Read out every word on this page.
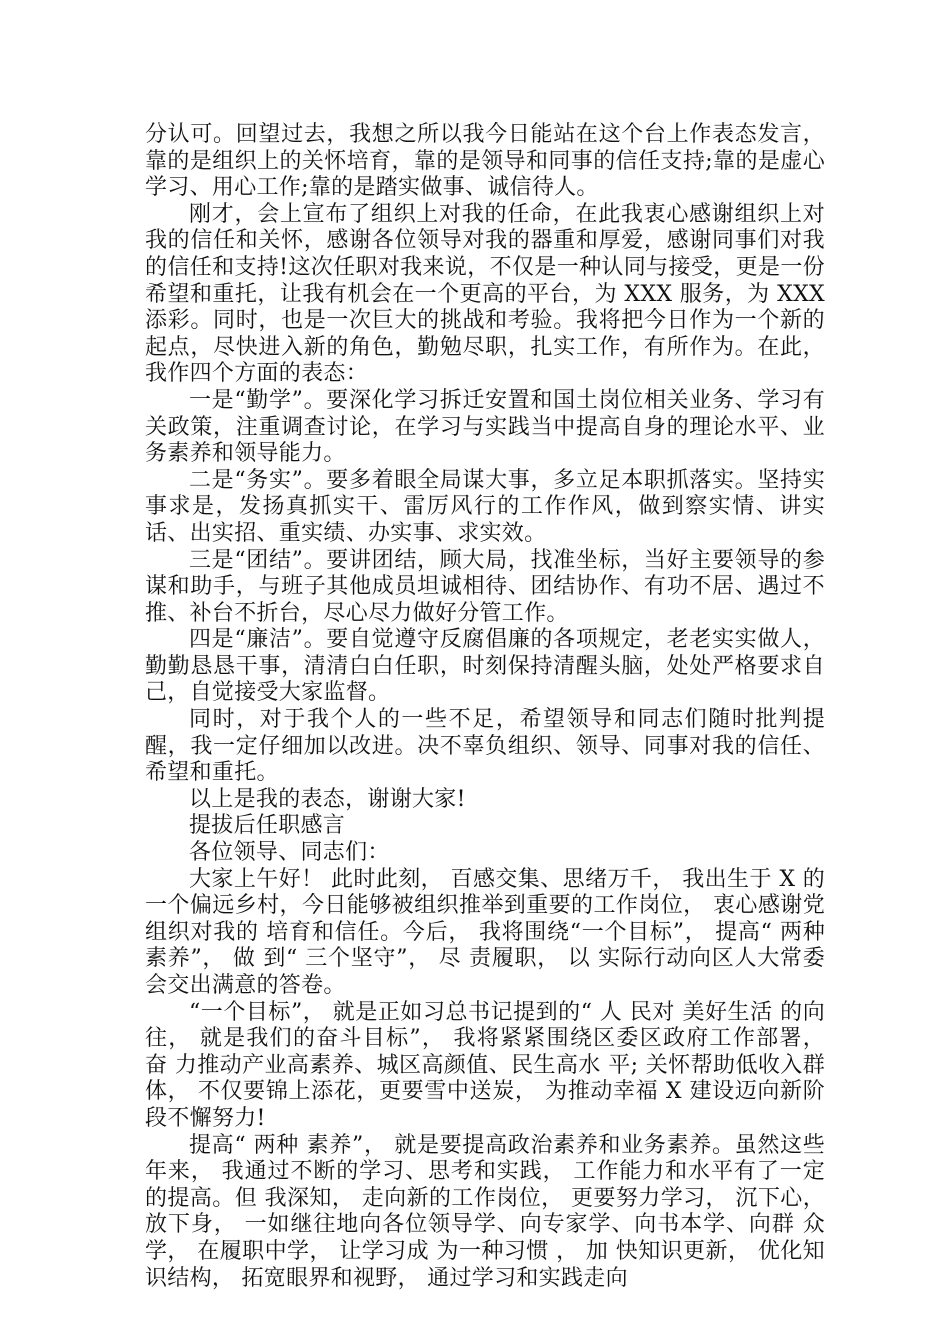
分认可。回望过去，我想之所以我今日能站在这个台上作表态发言，靠的是组织上的关怀培育，靠的是领导和同事的信任支持;靠的是虚心学习、用心工作;靠的是踏实做事、诚信待人。

刚才，会上宣布了组织上对我的任命，在此我衷心感谢组织上对我的信任和关怀，感谢各位领导对我的器重和厚爱，感谢同事们对我的信任和支持!这次任职对我来说，不仅是一种认同与接受，更是一份希望和重托，让我有机会在一个更高的平台，为 XXX 服务，为 XXX 添彩。同时，也是一次巨大的挑战和考验。我将把今日作为一个新的起点，尽快进入新的角色，勤勉尽职，扎实工作，有所作为。在此，我作四个方面的表态：

一是“勤学”。要深化学习拆迁安置和国土岗位相关业务、学习有关政策，注重调查讨论，在学习与实践当中提高自身的理论水平、业务素养和领导能力。

二是“务实”。要多着眼全局谋大事，多立足本职抓落实。坚持实事求是，发扬真抓实干、雷厉风行的工作作风，做到察实情、讲实话、出实招、重实绩、办实事、求实效。

三是“团结”。要讲团结，顾大局，找准坐标，当好主要领导的参谋和助手，与班子其他成员坦诚相待、团结协作、有功不居、遇过不推、补台不折台，尽心尽力做好分管工作。

四是“廉洁”。要自觉遵守反腐倡廉的各项规定，老老实实做人，勤勤恳恳干事，清清白白任职，时刻保持清醒头脑，处处严格要求自己，自觉接受大家监督。

同时，对于我个人的一些不足，希望领导和同志们随时批判提醒，我一定仔细加以改进。决不辜负组织、领导、同事对我的信任、希望和重托。

以上是我的表态，谢谢大家!

提拔后任职感言

各位领导、同志们：

大家上午好！ 此时此刻， 百感交集、思绪万千， 我出生于 X 的一个偏远乡村，今日能够被组织推举到重要的工作岗位， 衷心感谢党组织对我的 培育和信任。今后， 我将围绕“一个目标”， 提高“ 两种 素养”， 做 到“ 三个坚守”， 尽 责履职， 以 实际行动向区人大常委会交出满意的答卷。

“一个目标”， 就是正如习总书记提到的“ 人 民对 美好生活 的向往， 就是我们的奋斗目标”， 我将紧紧围绕区委区政府工作部署， 奋 力推动产业高素养、城区高颜值、民生高水 平; 关怀帮助低收入群体， 不仅要锦上添花，更要雪中送炭， 为推动幸福 X 建设迈向新阶段不懈努力!

提高“ 两种 素养”， 就是要提高政治素养和业务素养。虽然这些年来， 我通过不断的学习、思考和实践， 工作能力和水平有了一定的提高。但 我深知， 走向新的工作岗位， 更要努力学习， 沉下心，放下身， 一如继往地向各位领导学、向专家学、向书本学、向群 众学， 在履职中学， 让学习成 为一种习惯 ， 加 快知识更新， 优化知识结构， 拓宽眼界和视野， 通过学习和实践走向
